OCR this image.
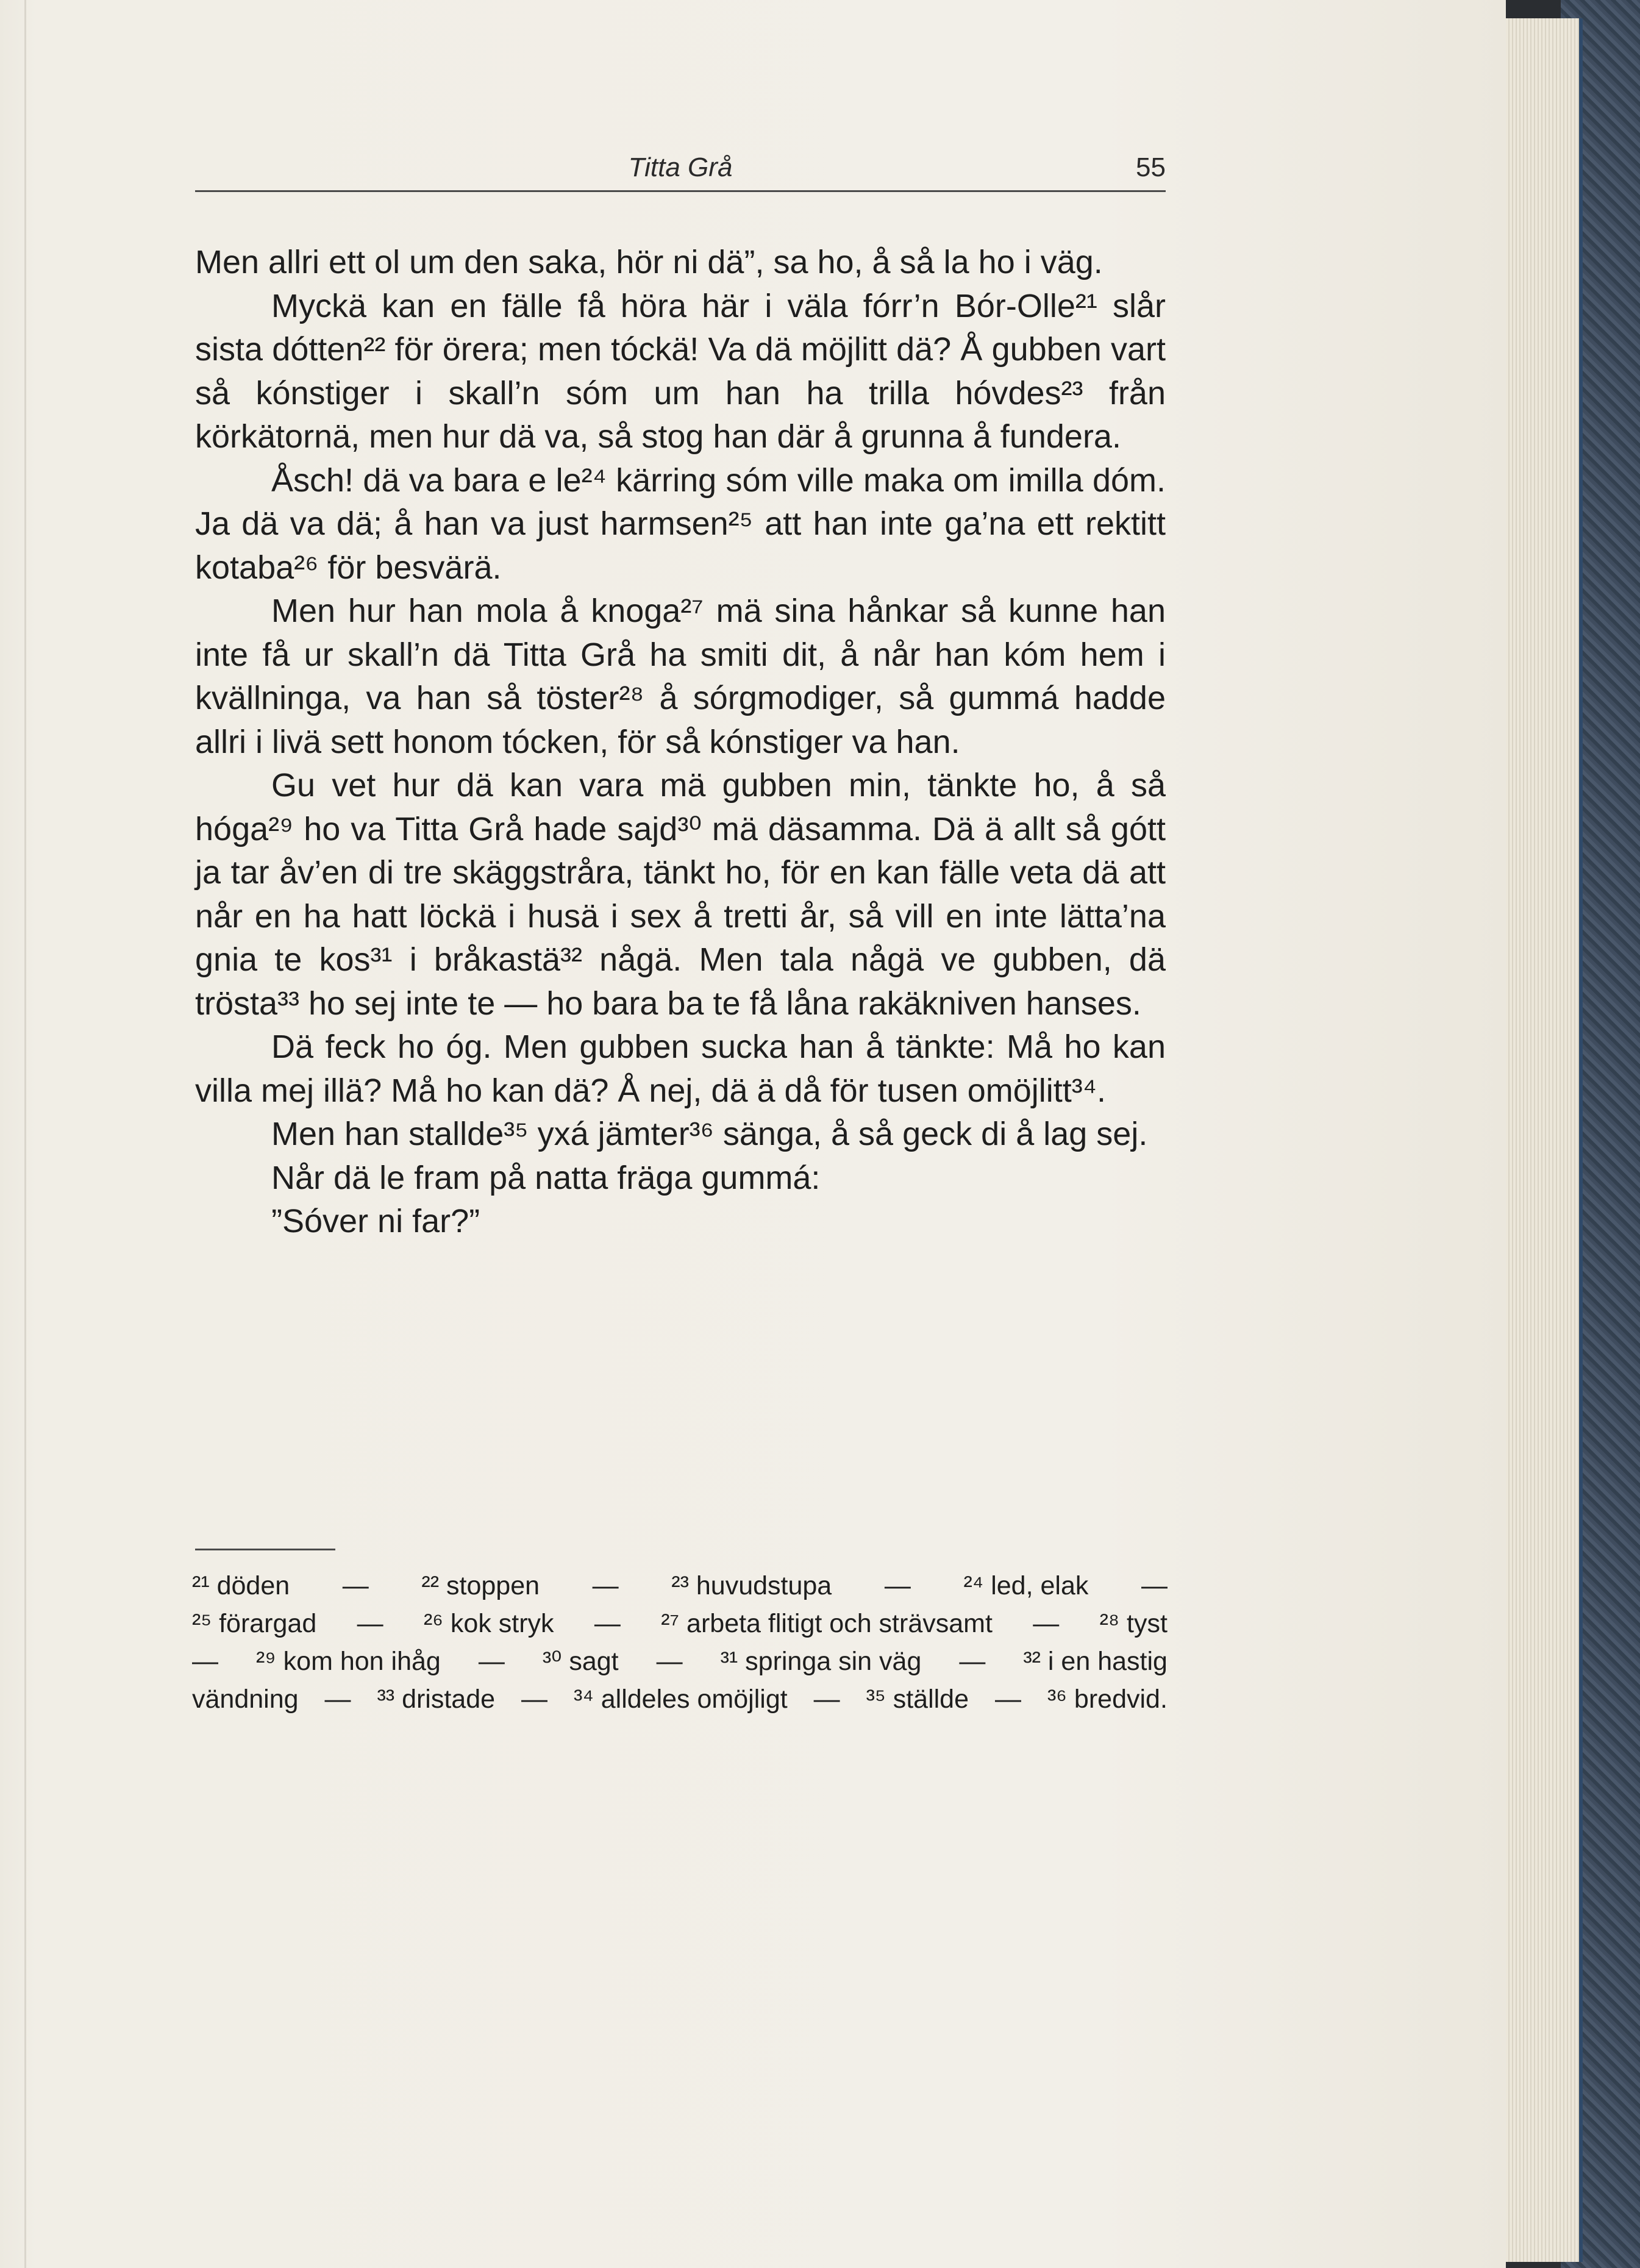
Titta Grå	55

Men allri ett ol um den saka, hör ni dä”, sa ho, å så la ho i väg.

Myckä kan en fälle få höra här i väla fórr’n Bór-Olle²¹ slår sista dótten²² för örera; men tóckä! Va dä möjlitt dä? Å gubben vart så kónstiger i skall’n sóm um han ha trilla hóvdes²³ från körkätornä, men hur dä va, så stog han där å grunna å fundera.

Åsch! dä va bara e le²⁴ kärring sóm ville maka om imilla dóm. Ja dä va dä; å han va just harmsen²⁵ att han inte ga’na ett rektitt kotaba²⁶ för besvärä.

Men hur han mola å knoga²⁷ mä sina hånkar så kunne han inte få ur skall’n dä Titta Grå ha smiti dit, å når han kóm hem i kvällninga, va han så töster²⁸ å sórgmodiger, så gummá hadde allri i livä sett honom tócken, för så kónstiger va han.

Gu vet hur dä kan vara mä gubben min, tänkte ho, å så hóga²⁹ ho va Titta Grå hade sajd³⁰ mä däsamma. Dä ä allt så gótt ja tar åv’en di tre skäggstråra, tänkt ho, för en kan fälle veta dä att når en ha hatt löckä i husä i sex å tretti år, så vill en inte lätta’na gnia te kos³¹ i bråkastä³² någä. Men tala någä ve gubben, dä trösta³³ ho sej inte te — ho bara ba te få låna rakäkniven hanses.

Dä feck ho óg. Men gubben sucka han å tänkte: Må ho kan villa mej illä? Må ho kan dä? Å nej, dä ä då för tusen omöjlitt³⁴.

Men han stallde³⁵ yxá jämter³⁶ sänga, å så geck di å lag sej.

Når dä le fram på natta fräga gummá:

”Sóver ni far?”

²¹ döden — ²² stoppen — ²³ huvudstupa — ²⁴ led, elak —
²⁵ förargad — ²⁶ kok stryk — ²⁷ arbeta flitigt och strävsamt — ²⁸ tyst
— ²⁹ kom hon ihåg — ³⁰ sagt — ³¹ springa sin väg — ³² i en hastig
vändning — ³³ dristade — ³⁴ alldeles omöjligt — ³⁵ ställde — ³⁶ bredvid.
